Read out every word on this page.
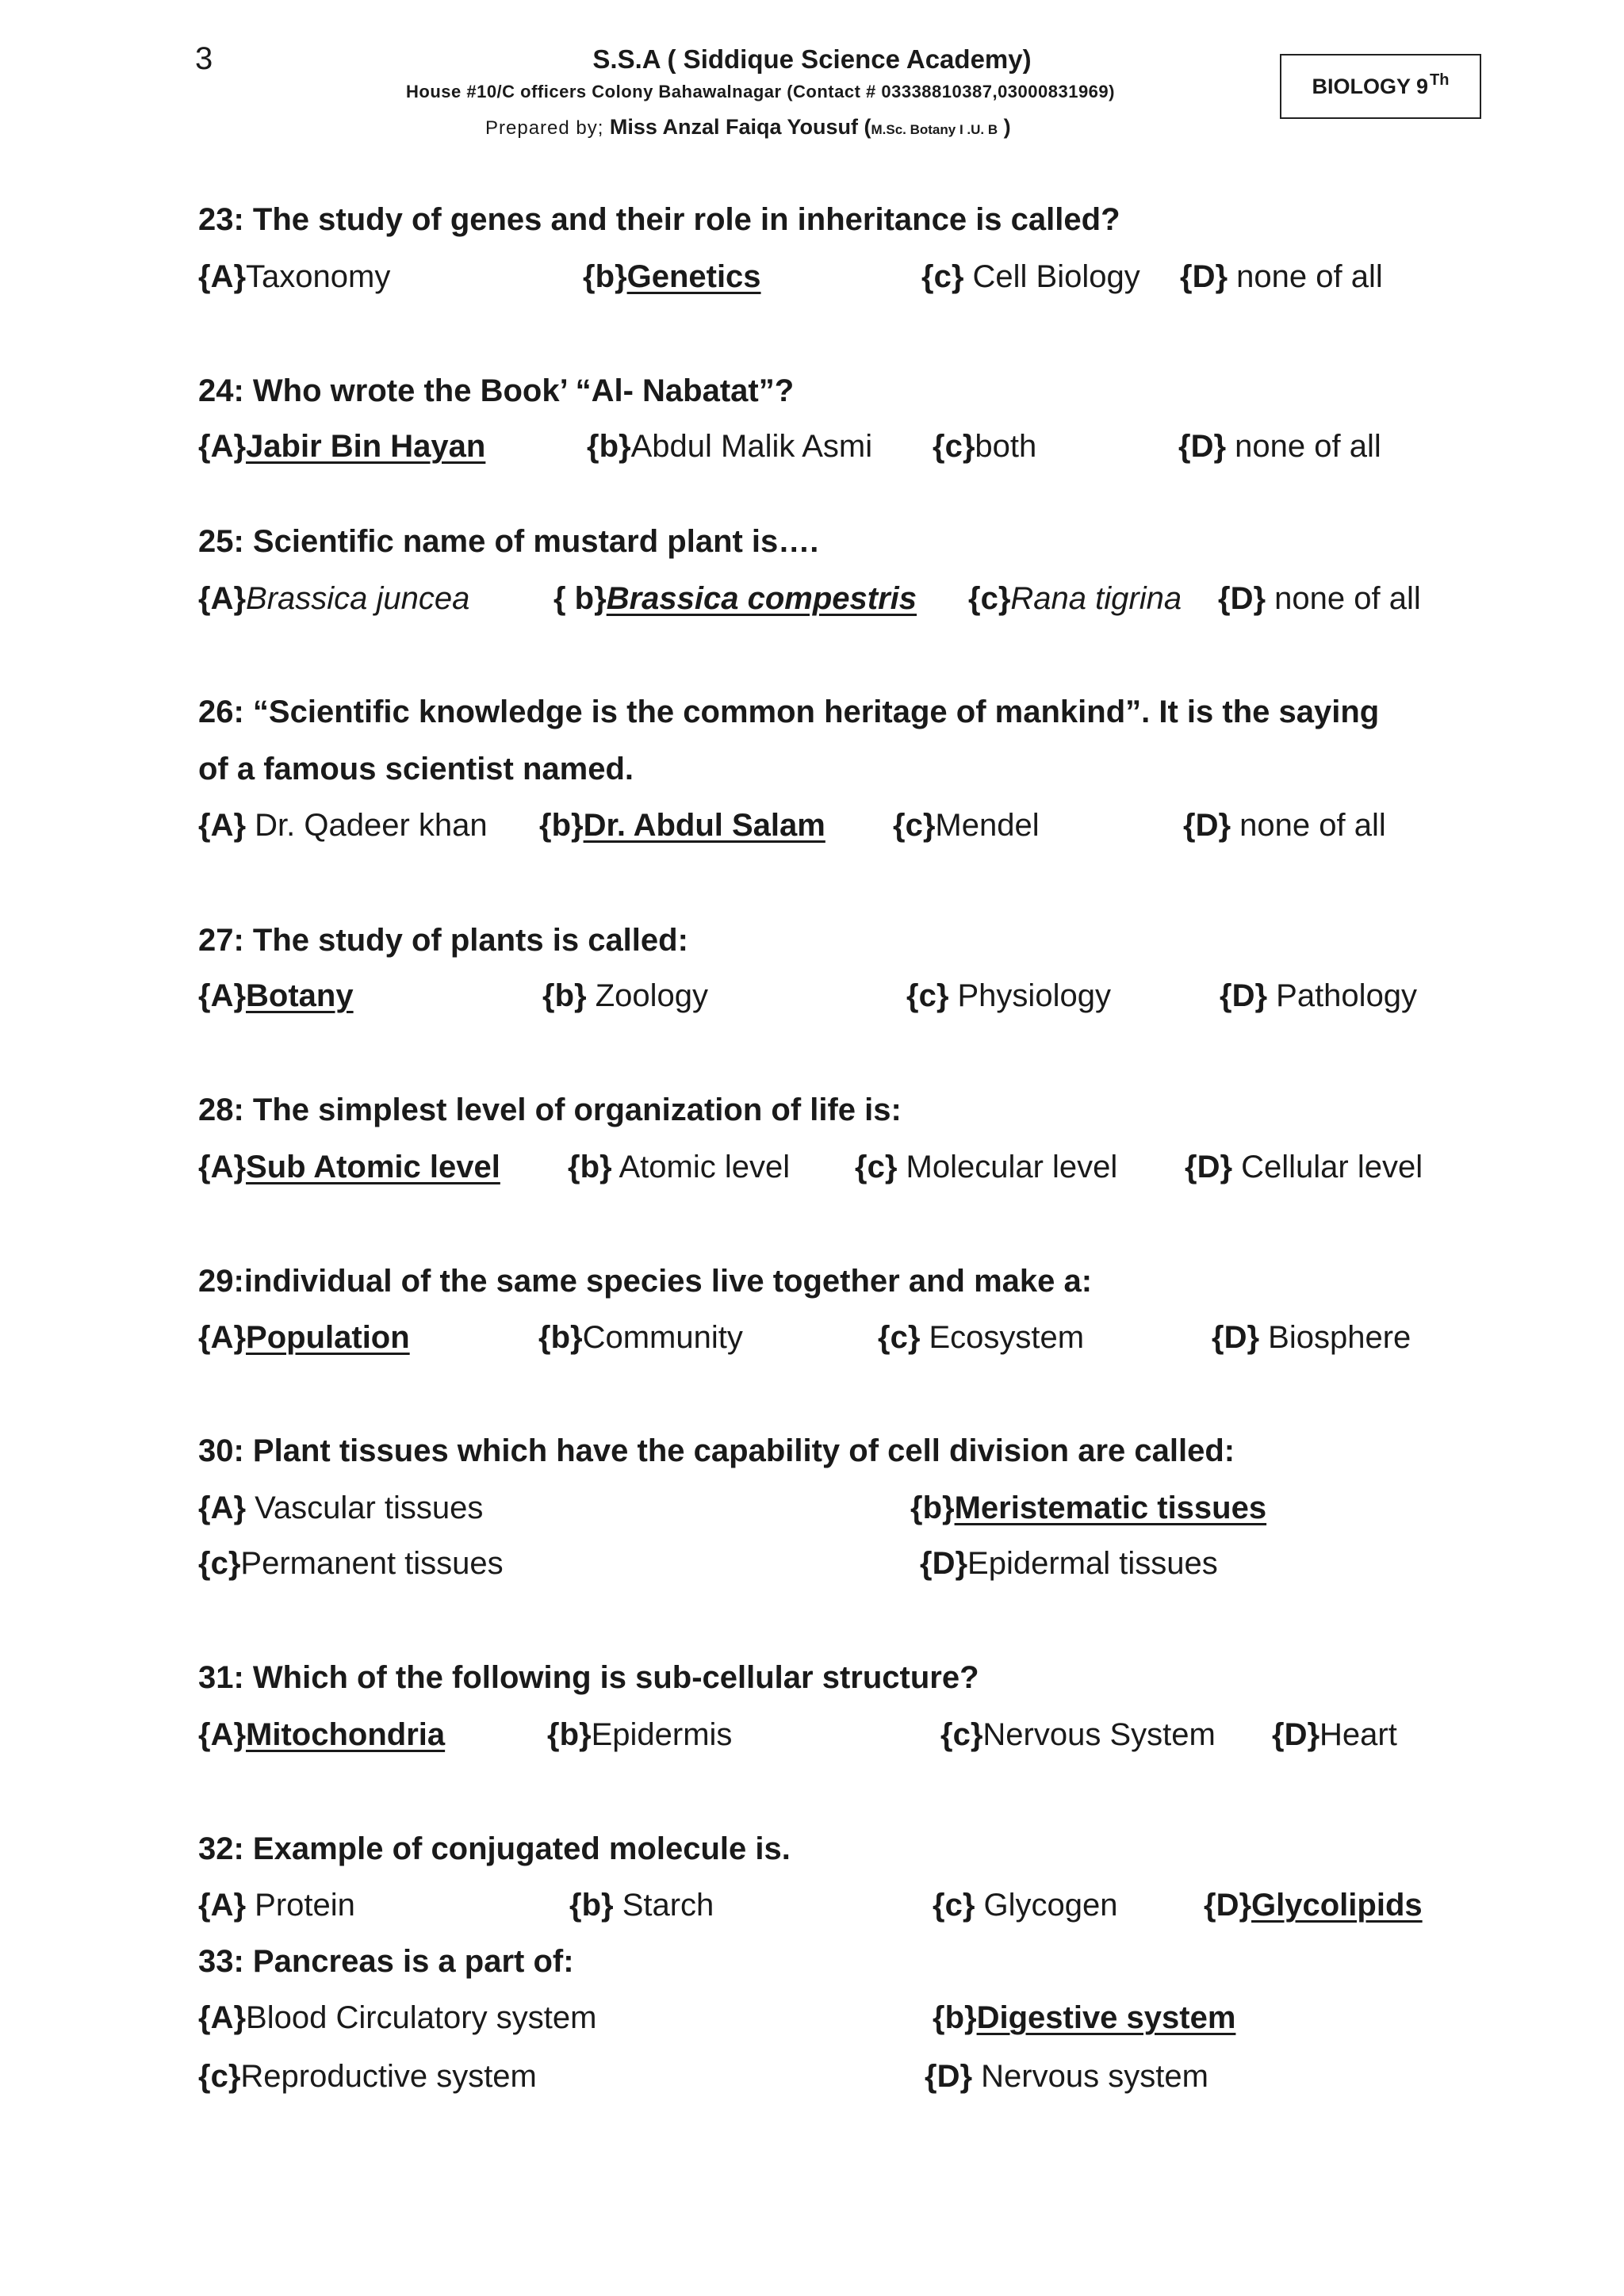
3	S.S.A ( Siddique Science Academy)
House #10/C officers Colony Bahawalnagar (Contact # 03338810387,03000831969)
Prepared by; Miss Anzal Faiqa Yousuf (M.Sc. Botany I .U. B )
BIOLOGY 9Th
23: The study of genes and their role in inheritance is called?
{A}Taxonomy	{b}Genetics	{c} Cell Biology {D} none of all
24: Who wrote the Book’ “Al- Nabatat”?
{A}Jabir Bin Hayan	{b}Abdul Malik Asmi {c}both	{D} none of all
25: Scientific name of mustard plant is….
{A}Brassica juncea	{ b}Brassica compestris {c}Rana tigrina {D} none of all
26: “Scientific knowledge is the common heritage of mankind”. It is the saying
of a famous scientist named.
{A} Dr. Qadeer khan {b}Dr. Abdul Salam {c}Mendel	{D} none of all
27: The study of plants is called:
{A}Botany	{b} Zoology	{c} Physiology	{D} Pathology
28: The simplest level of organization of life is:
{A}Sub Atomic level {b} Atomic level {c} Molecular level {D} Cellular level
29:individual of the same species live together and make a:
{A}Population	{b}Community	{c} Ecosystem	{D} Biosphere
30: Plant tissues which have the capability of cell division are called:
{A} Vascular tissues	{b}Meristematic tissues
{c}Permanent tissues	{D}Epidermal tissues
31: Which of the following is sub-cellular structure?
{A}Mitochondria	{b}Epidermis	{c}Nervous System {D}Heart
32: Example of conjugated molecule is.
{A} Protein	{b} Starch	{c} Glycogen	{D}Glycolipids
33: Pancreas is a part of:
{A}Blood Circulatory system	{b}Digestive system
{c}Reproductive system	{D} Nervous system
